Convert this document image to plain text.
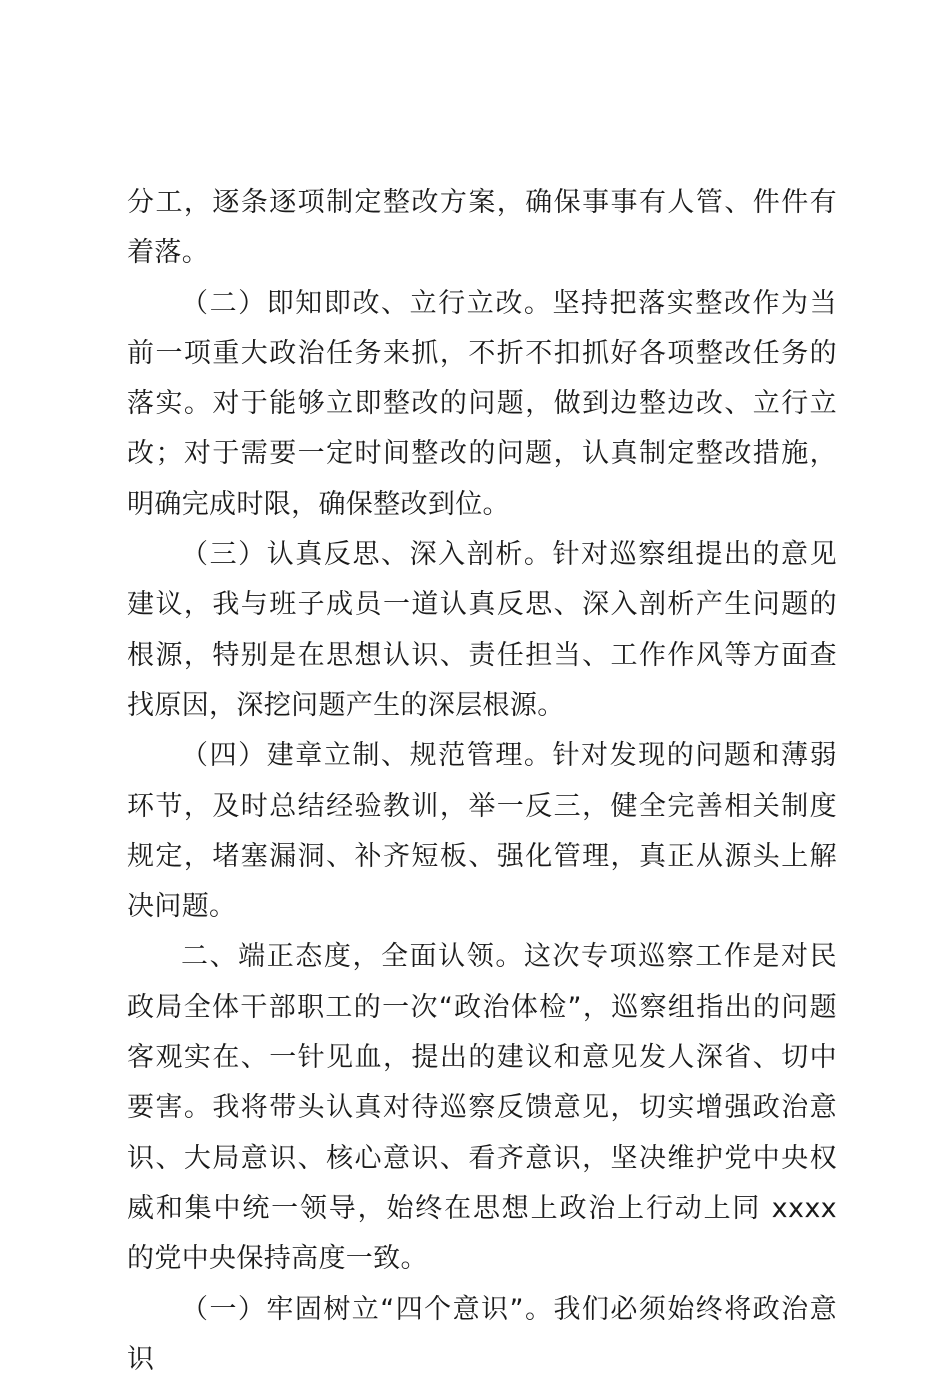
分工，逐条逐项制定整改方案，确保事事有人管、件件有着落。

（二）即知即改、立行立改。坚持把落实整改作为当前一项重大政治任务来抓，不折不扣抓好各项整改任务的落实。对于能够立即整改的问题，做到边整边改、立行立改；对于需要一定时间整改的问题，认真制定整改措施，明确完成时限，确保整改到位。

（三）认真反思、深入剖析。针对巡察组提出的意见建议，我与班子成员一道认真反思、深入剖析产生问题的根源，特别是在思想认识、责任担当、工作作风等方面查找原因，深挖问题产生的深层根源。

（四）建章立制、规范管理。针对发现的问题和薄弱环节，及时总结经验教训，举一反三，健全完善相关制度规定，堵塞漏洞、补齐短板、强化管理，真正从源头上解决问题。

二、端正态度，全面认领。这次专项巡察工作是对民政局全体干部职工的一次“政治体检”，巡察组指出的问题客观实在、一针见血，提出的建议和意见发人深省、切中要害。我将带头认真对待巡察反馈意见，切实增强政治意识、大局意识、核心意识、看齐意识，坚决维护党中央权威和集中统一领导，始终在思想上政治上行动上同 xxxx 的党中央保持高度一致。

（一）牢固树立“四个意识”。我们必须始终将政治意识
